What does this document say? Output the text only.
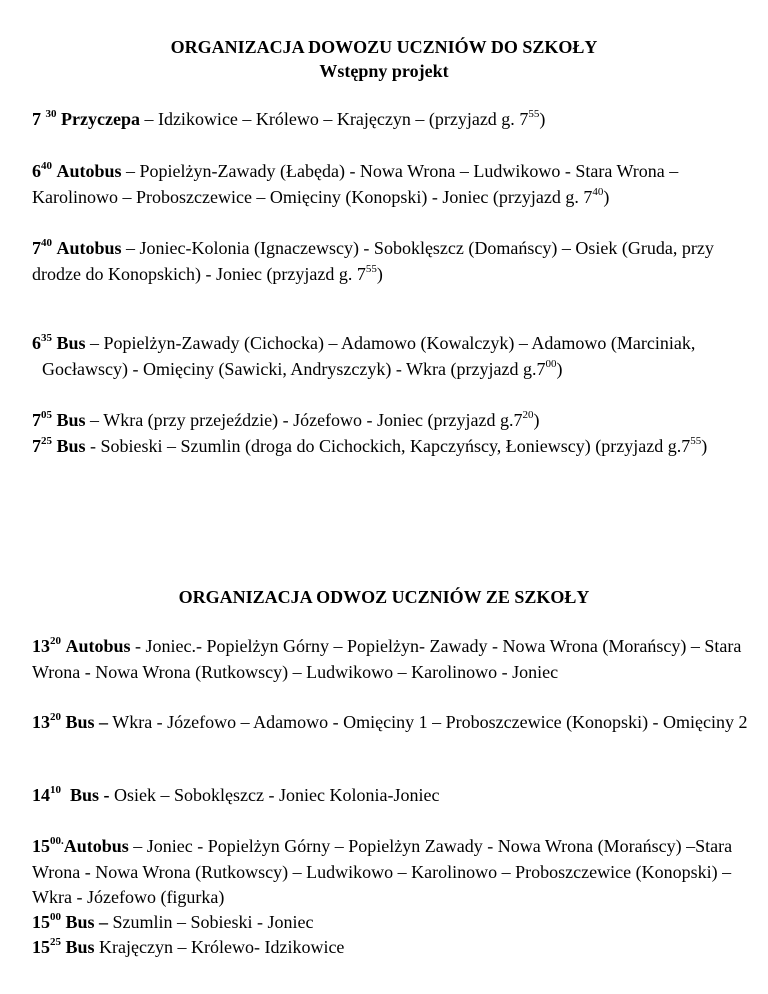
ORGANIZACJA DOWOZU UCZNIÓW DO SZKOŁY
Wstępny projekt
7 $^{30}$ Przyczepa – Idzikowice – Królewo – Krajęczyn – (przyjazd g. $7^{55}$)
$6^{40}$ Autobus – Popielżyn-Zawady (Łabęda) - Nowa Wrona – Ludwikowo - Stara Wrona – Karolinowo – Proboszczewice – Omięciny (Konopski) - Joniec (przyjazd g. $7^{40}$)
$7^{40}$ Autobus – Joniec-Kolonia (Ignaczewscy) - Soboklęszcz (Domańscy) – Osiek (Gruda, przy drodze do Konopskich) - Joniec (przyjazd g. $7^{55}$)
$6^{35}$ Bus – Popielżyn-Zawady (Cichocka) – Adamowo (Kowalczyk) – Adamowo (Marciniak, Gocławscy) - Omięciny (Sawicki, Andryszczyk) - Wkra (przyjazd $g.7^{00}$)
$7^{05}$ Bus – Wkra (przy przejeździe) - Józefowo - Joniec (przyjazd $g.7^{20}$)
$7^{25}$ Bus - Sobieski – Szumlin (droga do Cichockich, Kapczyńscy, Łoniewscy) (przyjazd $g.7^{55}$)
ORGANIZACJA ODWOZ UCZNIÓW ZE SZKOŁY
$13^{20}$ Autobus - Joniec.- Popielżyn Górny – Popielżyn- Zawady - Nowa Wrona (Morańscy) – Stara Wrona - Nowa Wrona (Rutkowscy) – Ludwikowo – Karolinowo - Joniec
$13^{20}$ Bus – Wkra - Józefowo – Adamowo - Omięciny 1 – Proboszczewice (Konopski) - Omięciny 2
$14^{10}$ Bus - Osiek – Soboklęszcz - Joniec Kolonia-Joniec
$15^{00.}Autobus$ – Joniec - Popielżyn Górny – Popielżyn Zawady - Nowa Wrona (Morańscy) –Stara Wrona - Nowa Wrona (Rutkowscy) – Ludwikowo – Karolinowo – Proboszczewice (Konopski) – Wkra - Józefowo (figurka)
$15^{00}$ Bus – Szumlin – Sobieski - Joniec
$15^{25}$ Bus Krajęczyn – Królewo- Idzikowice
